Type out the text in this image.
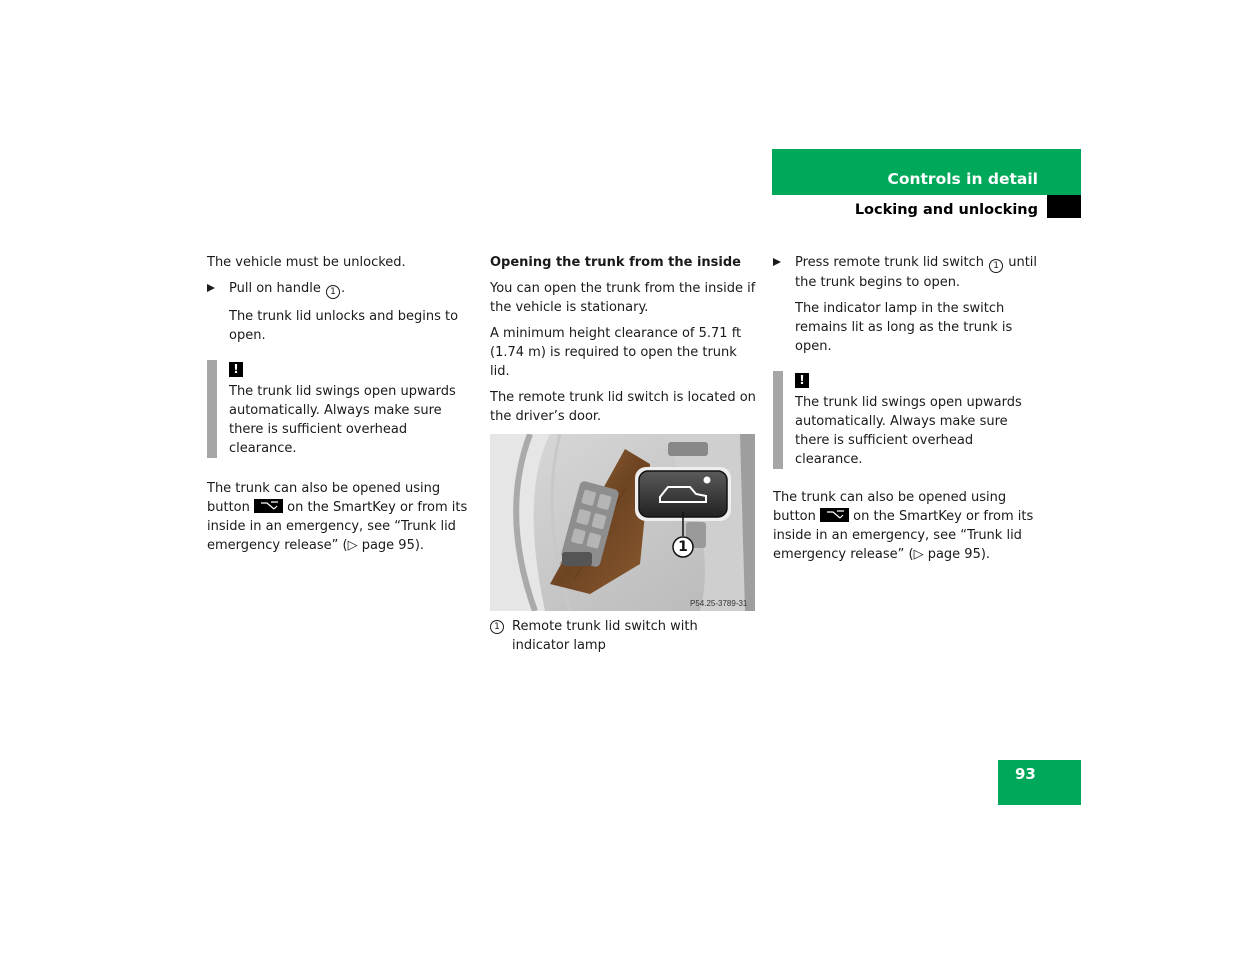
Controls in detail
Locking and unlocking

The vehicle must be unlocked.

Pull on handle 1 .

The trunk lid unlocks and begins to open.

!

The trunk lid swings open upwards automatically. Always make sure there is sufficient overhead clearance.

The trunk can also be opened using button  on the SmartKey or from its inside in an emergency, see “Trunk lid emergency release” (▷ page 95).

Opening the trunk from the inside

You can open the trunk from the inside if the vehicle is stationary.

A minimum height clearance of 5.71 ft (1.74 m) is required to open the trunk lid.

The remote trunk lid switch is located on the driver’s door.

P54.25-3789-31
1

1 Remote trunk lid switch with indicator lamp

Press remote trunk lid switch 1 until the trunk begins to open.

The indicator lamp in the switch remains lit as long as the trunk is open.

!

The trunk lid swings open upwards automatically. Always make sure there is sufficient overhead clearance.

The trunk can also be opened using button  on the SmartKey or from its inside in an emergency, see “Trunk lid emergency release” (▷ page 95).

93
